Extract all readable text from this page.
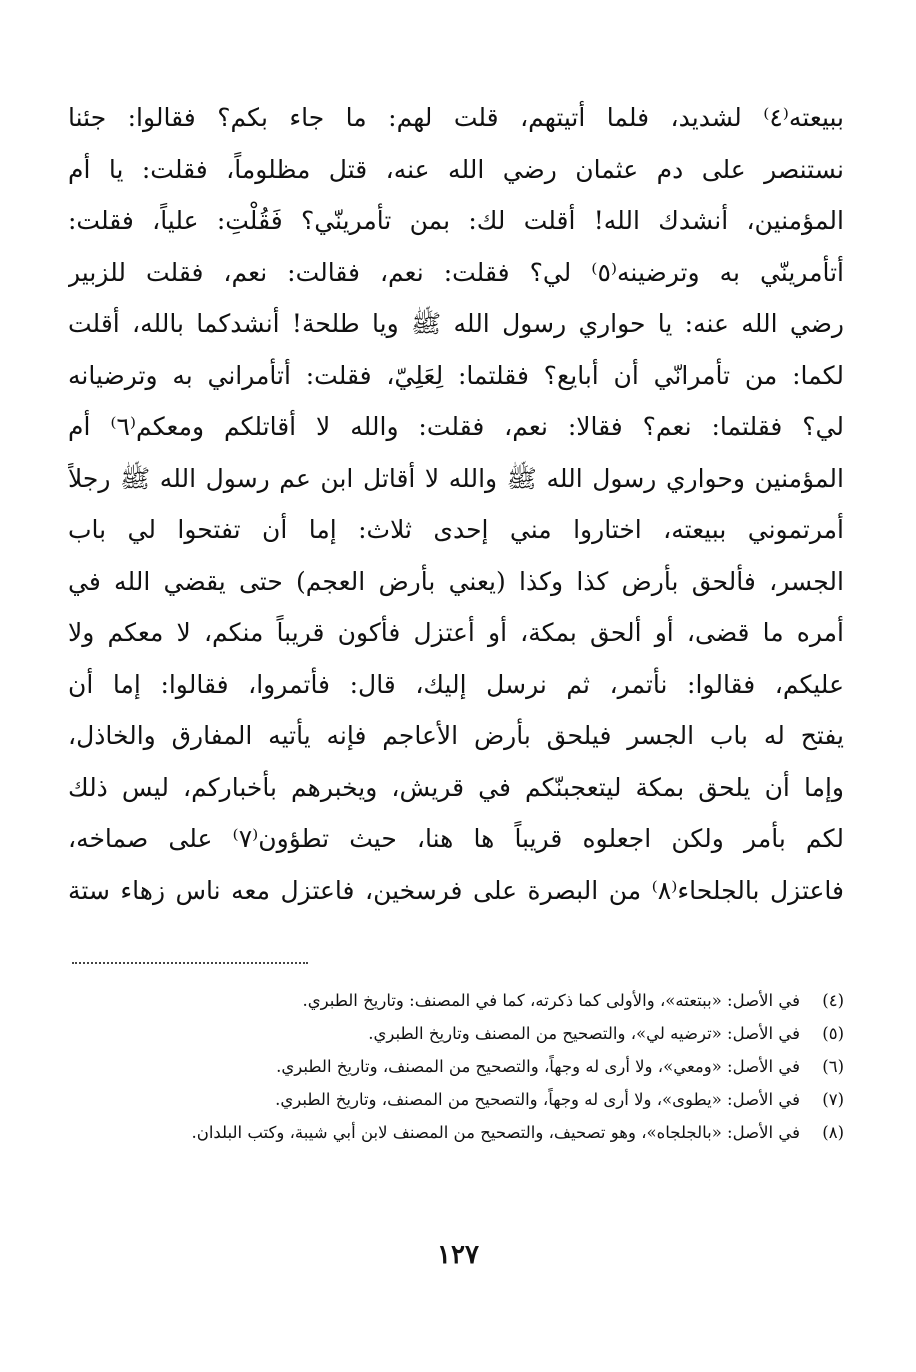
ببيعته⁽٤⁾ لشديد، فلما أتيتهم، قلت لهم: ما جاء بكم؟ فقالوا: جئنا
نستنصر على دم عثمان رضي الله عنه، قتل مظلوماً، فقلت: يا أم
المؤمنين، أنشدك الله! أقلت لك: بمن تأمرينّي؟ فَقُلْتِ: علياً، فقلت:
أتأمرينّي به وترضينه⁽٥⁾ لي؟ فقلت: نعم، فقالت: نعم، فقلت للزبير
رضي الله عنه: يا حواري رسول الله ﷺ ويا طلحة! أنشدكما بالله، أقلت
لكما: من تأمرانّي أن أبايع؟ فقلتما: لِعَلِيّ، فقلت: أتأمراني به وترضيانه
لي؟ فقلتما: نعم؟ فقالا: نعم، فقلت: والله لا أقاتلكم ومعكم⁽٦⁾ أم
المؤمنين وحواري رسول الله ﷺ والله لا أقاتل ابن عم رسول الله ﷺ رجلاً
أمرتموني ببيعته، اختاروا مني إحدى ثلاث: إما أن تفتحوا لي باب
الجسر، فألحق بأرض كذا وكذا (يعني بأرض العجم) حتى يقضي الله في
أمره ما قضى، أو ألحق بمكة، أو أعتزل فأكون قريباً منكم، لا معكم ولا
عليكم، فقالوا: نأتمر، ثم نرسل إليك، قال: فأتمروا، فقالوا: إما أن
يفتح له باب الجسر فيلحق بأرض الأعاجم فإنه يأتيه المفارق والخاذل،
وإما أن يلحق بمكة ليتعجبنّكم في قريش، ويخبرهم بأخباركم، ليس ذلك
لكم بأمر ولكن اجعلوه قريباً ها هنا، حيث تطؤون⁽٧⁾ على صماخه،
فاعتزل بالجلحاء⁽٨⁾ من البصرة على فرسخين، فاعتزل معه ناس زهاء ستة
(٤)
في الأصل: «ببتعته»، والأولى كما ذكرته، كما في المصنف: وتاريخ الطبري.
(٥)
في الأصل: «ترضيه لي»، والتصحيح من المصنف وتاريخ الطبري.
(٦)
في الأصل: «ومعي»، ولا أرى له وجهاً، والتصحيح من المصنف، وتاريخ الطبري.
(٧)
في الأصل: «يطوى»، ولا أرى له وجهاً، والتصحيح من المصنف، وتاريخ الطبري.
(٨)
في الأصل: «بالجلجاه»، وهو تصحيف، والتصحيح من المصنف لابن أبي شيبة، وكتب البلدان.
١٢٧
